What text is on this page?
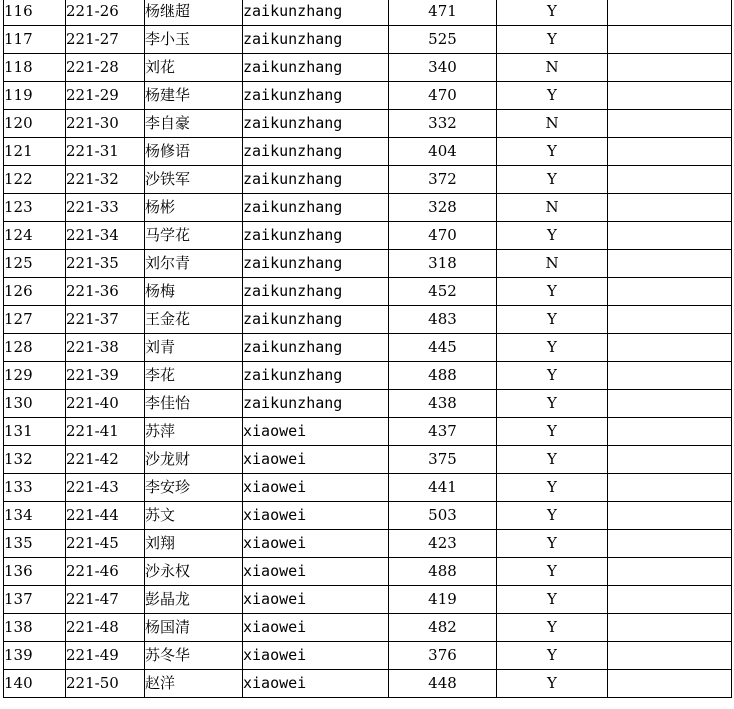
116	221-26	杨继超	zaikunzhang	471	Y	
117	221-27	李小玉	zaikunzhang	525	Y	
118	221-28	刘花	zaikunzhang	340	N	
119	221-29	杨建华	zaikunzhang	470	Y	
120	221-30	李自豪	zaikunzhang	332	N	
121	221-31	杨修语	zaikunzhang	404	Y	
122	221-32	沙铁军	zaikunzhang	372	Y	
123	221-33	杨彬	zaikunzhang	328	N	
124	221-34	马学花	zaikunzhang	470	Y	
125	221-35	刘尔青	zaikunzhang	318	N	
126	221-36	杨梅	zaikunzhang	452	Y	
127	221-37	王金花	zaikunzhang	483	Y	
128	221-38	刘青	zaikunzhang	445	Y	
129	221-39	李花	zaikunzhang	488	Y	
130	221-40	李佳怡	zaikunzhang	438	Y	
131	221-41	苏萍	xiaowei	437	Y	
132	221-42	沙龙财	xiaowei	375	Y	
133	221-43	李安珍	xiaowei	441	Y	
134	221-44	苏文	xiaowei	503	Y	
135	221-45	刘翔	xiaowei	423	Y	
136	221-46	沙永权	xiaowei	488	Y	
137	221-47	彭晶龙	xiaowei	419	Y	
138	221-48	杨国清	xiaowei	482	Y	
139	221-49	苏冬华	xiaowei	376	Y	
140	221-50	赵洋	xiaowei	448	Y	
